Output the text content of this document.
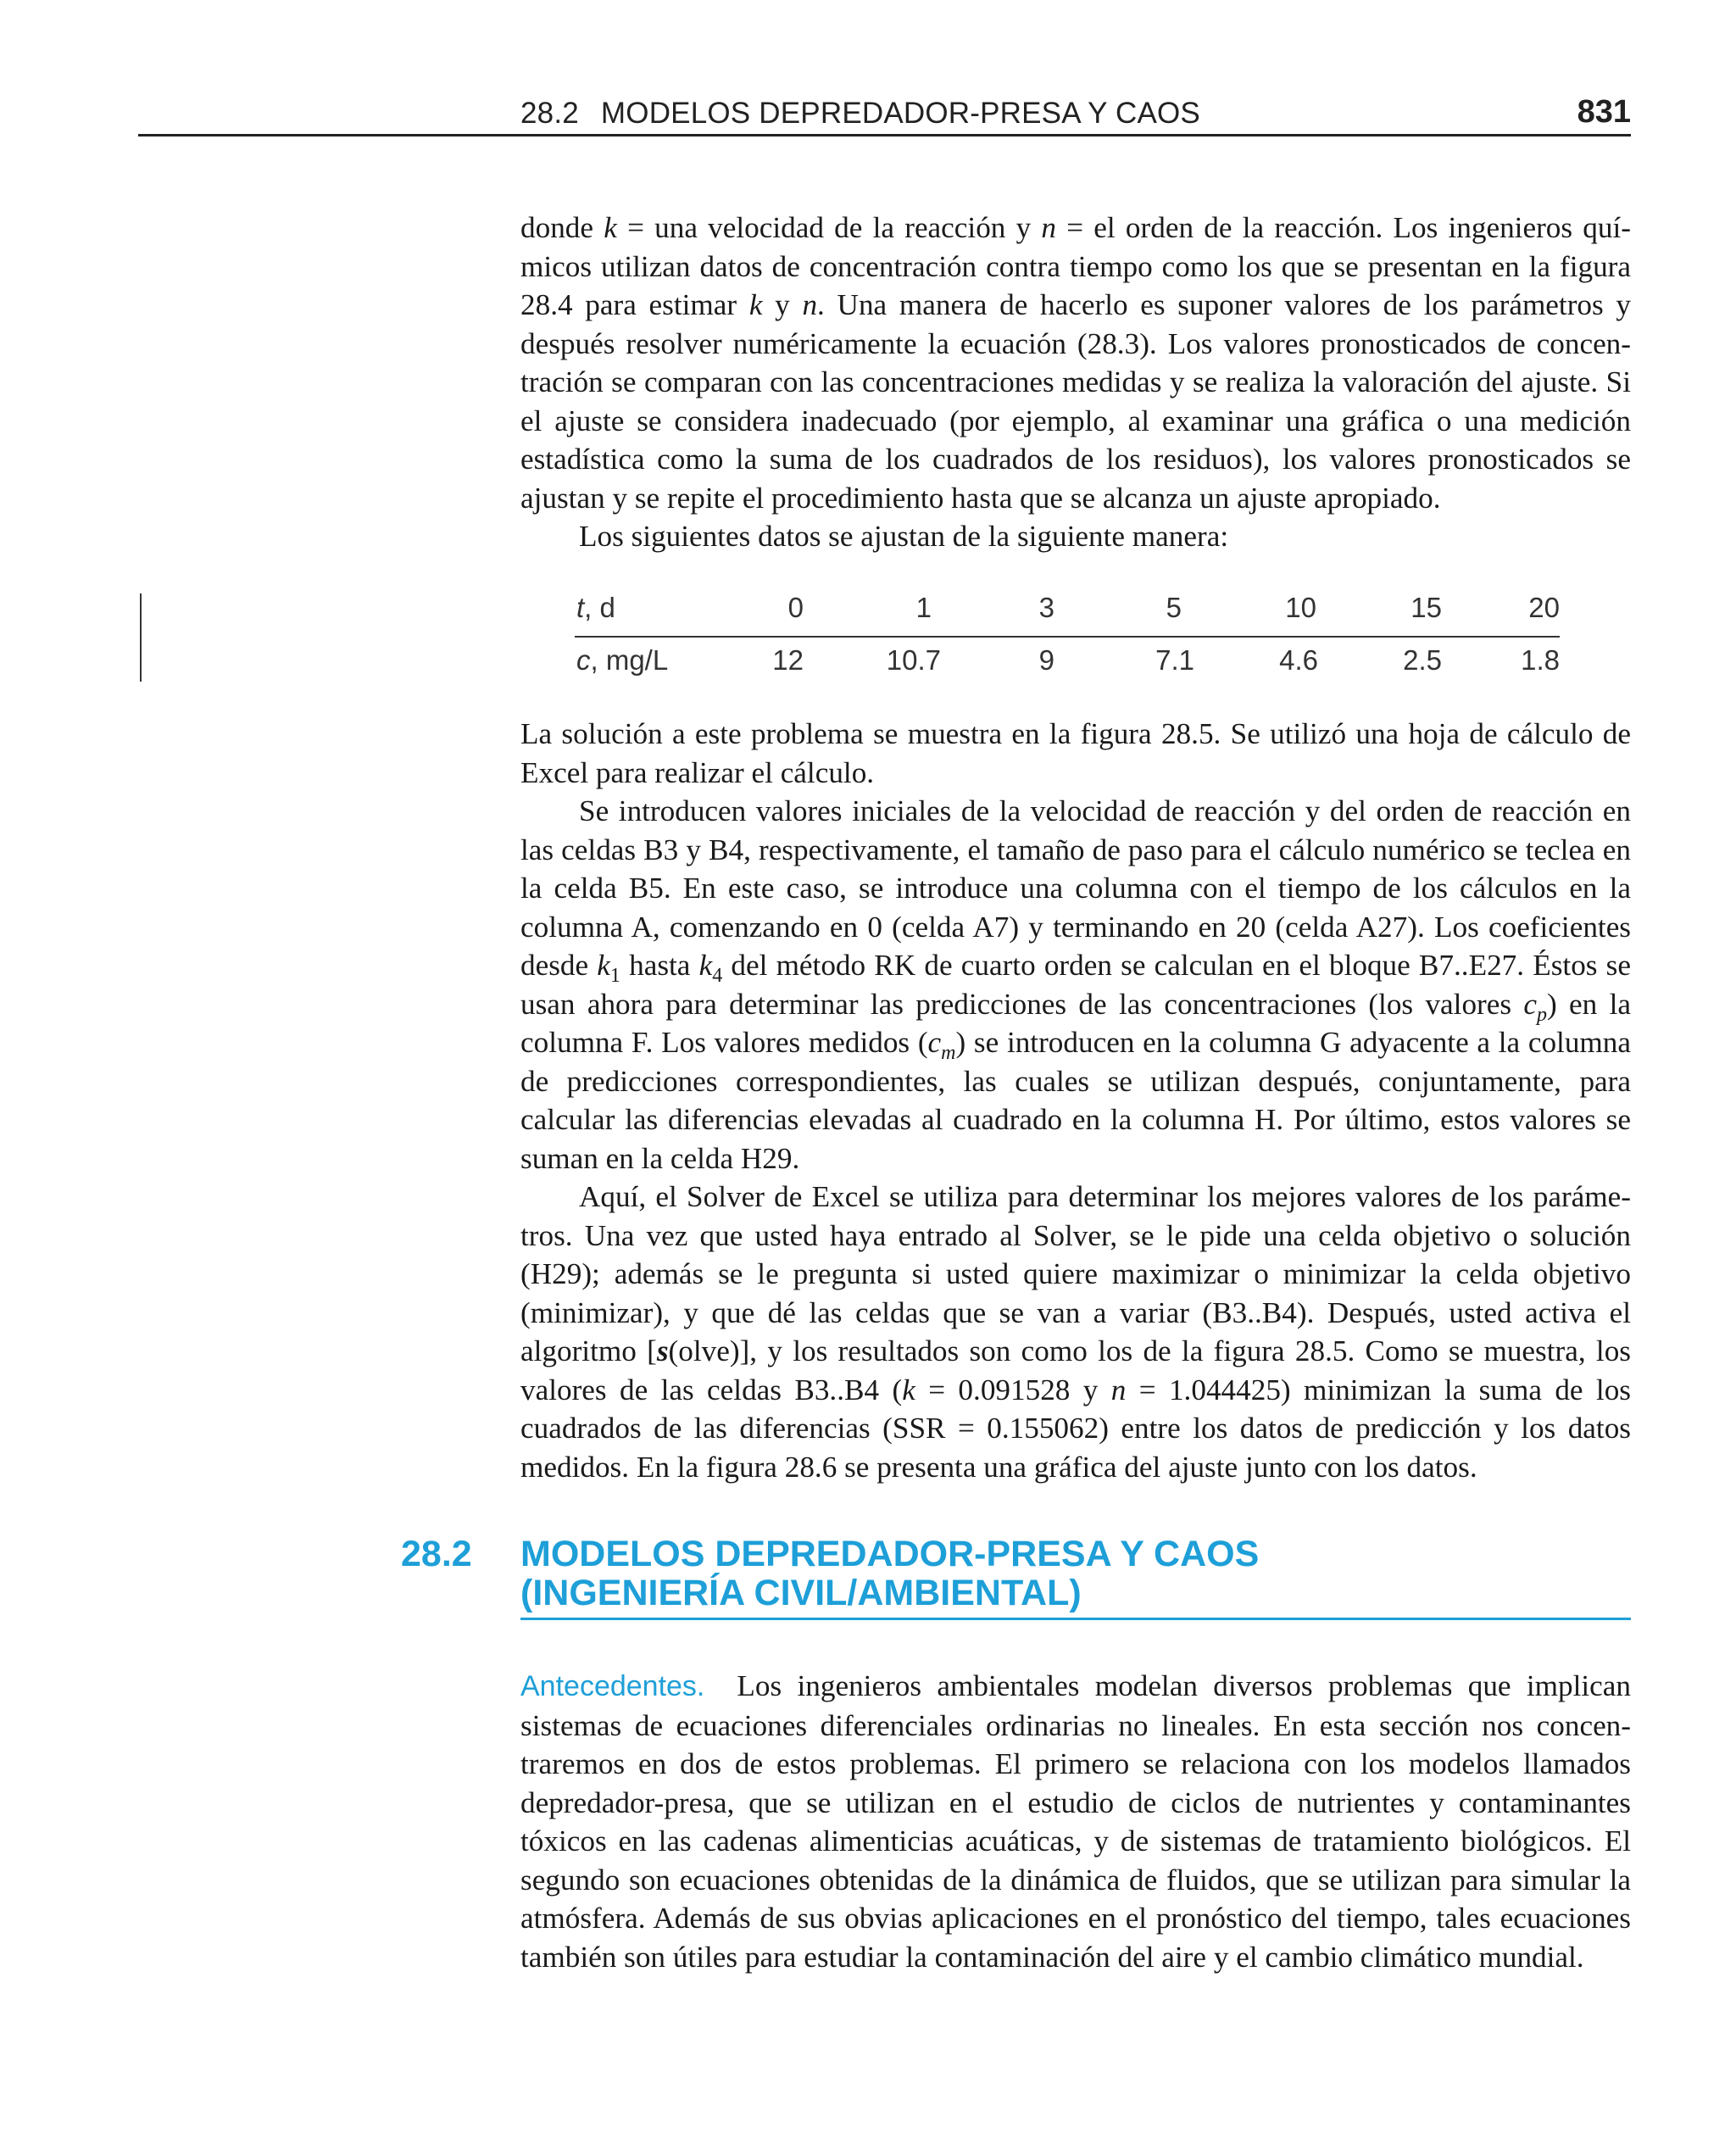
28.2 MODELOS DEPREDADOR-PRESA Y CAOS	831

donde k = una velocidad de la reacción y n = el orden de la reacción. Los ingenieros químicos utilizan datos de concentración contra tiempo como los que se presentan en la figura 28.4 para estimar k y n. Una manera de hacerlo es suponer valores de los parámetros y después resolver numéricamente la ecuación (28.3). Los valores pronosticados de concentración se comparan con las concentraciones medidas y se realiza la valoración del ajuste. Si el ajuste se considera inadecuado (por ejemplo, al examinar una gráfica o una medición estadística como la suma de los cuadrados de los residuos), los valores pronosticados se ajustan y se repite el procedimiento hasta que se alcanza un ajuste apropiado.

Los siguientes datos se ajustan de la siguiente manera:

t, d	0	1	3	5	10	15	20
c, mg/L	12	10.7	9	7.1	4.6	2.5	1.8

La solución a este problema se muestra en la figura 28.5. Se utilizó una hoja de cálculo de Excel para realizar el cálculo.

Se introducen valores iniciales de la velocidad de reacción y del orden de reacción en las celdas B3 y B4, respectivamente, el tamaño de paso para el cálculo numérico se teclea en la celda B5. En este caso, se introduce una columna con el tiempo de los cálculos en la columna A, comenzando en 0 (celda A7) y terminando en 20 (celda A27). Los coeficientes desde $k_1$ hasta $k_4$ del método RK de cuarto orden se calculan en el bloque B7..E27. Éstos se usan ahora para determinar las predicciones de las concentraciones (los valores $c_p$) en la columna F. Los valores medidos $(c_m)$ se introducen en la columna G adyacente a la columna de predicciones correspondientes, las cuales se utilizan después, conjuntamente, para calcular las diferencias elevadas al cuadrado en la columna H. Por último, estos valores se suman en la celda H29.

Aquí, el Solver de Excel se utiliza para determinar los mejores valores de los parámetros. Una vez que usted haya entrado al Solver, se le pide una celda objetivo o solución (H29); además se le pregunta si usted quiere maximizar o minimizar la celda objetivo (minimizar), y que dé las celdas que se van a variar (B3..B4). Después, usted activa el algoritmo [s(olve)], y los resultados son como los de la figura 28.5. Como se muestra, los valores de las celdas B3..B4 (k = 0.091528 y n = 1.044425) minimizan la suma de los cuadrados de las diferencias (SSR = 0.155062) entre los datos de predicción y los datos medidos. En la figura 28.6 se presenta una gráfica del ajuste junto con los datos.

28.2 MODELOS DEPREDADOR-PRESA Y CAOS
(INGENIERÍA CIVIL/AMBIENTAL)

Antecedentes. Los ingenieros ambientales modelan diversos problemas que implican sistemas de ecuaciones diferenciales ordinarias no lineales. En esta sección nos concentraremos en dos de estos problemas. El primero se relaciona con los modelos llamados depredador-presa, que se utilizan en el estudio de ciclos de nutrientes y contaminantes tóxicos en las cadenas alimenticias acuáticas, y de sistemas de tratamiento biológicos. El segundo son ecuaciones obtenidas de la dinámica de fluidos, que se utilizan para simular la atmósfera. Además de sus obvias aplicaciones en el pronóstico del tiempo, tales ecuaciones también son útiles para estudiar la contaminación del aire y el cambio climático mundial.
